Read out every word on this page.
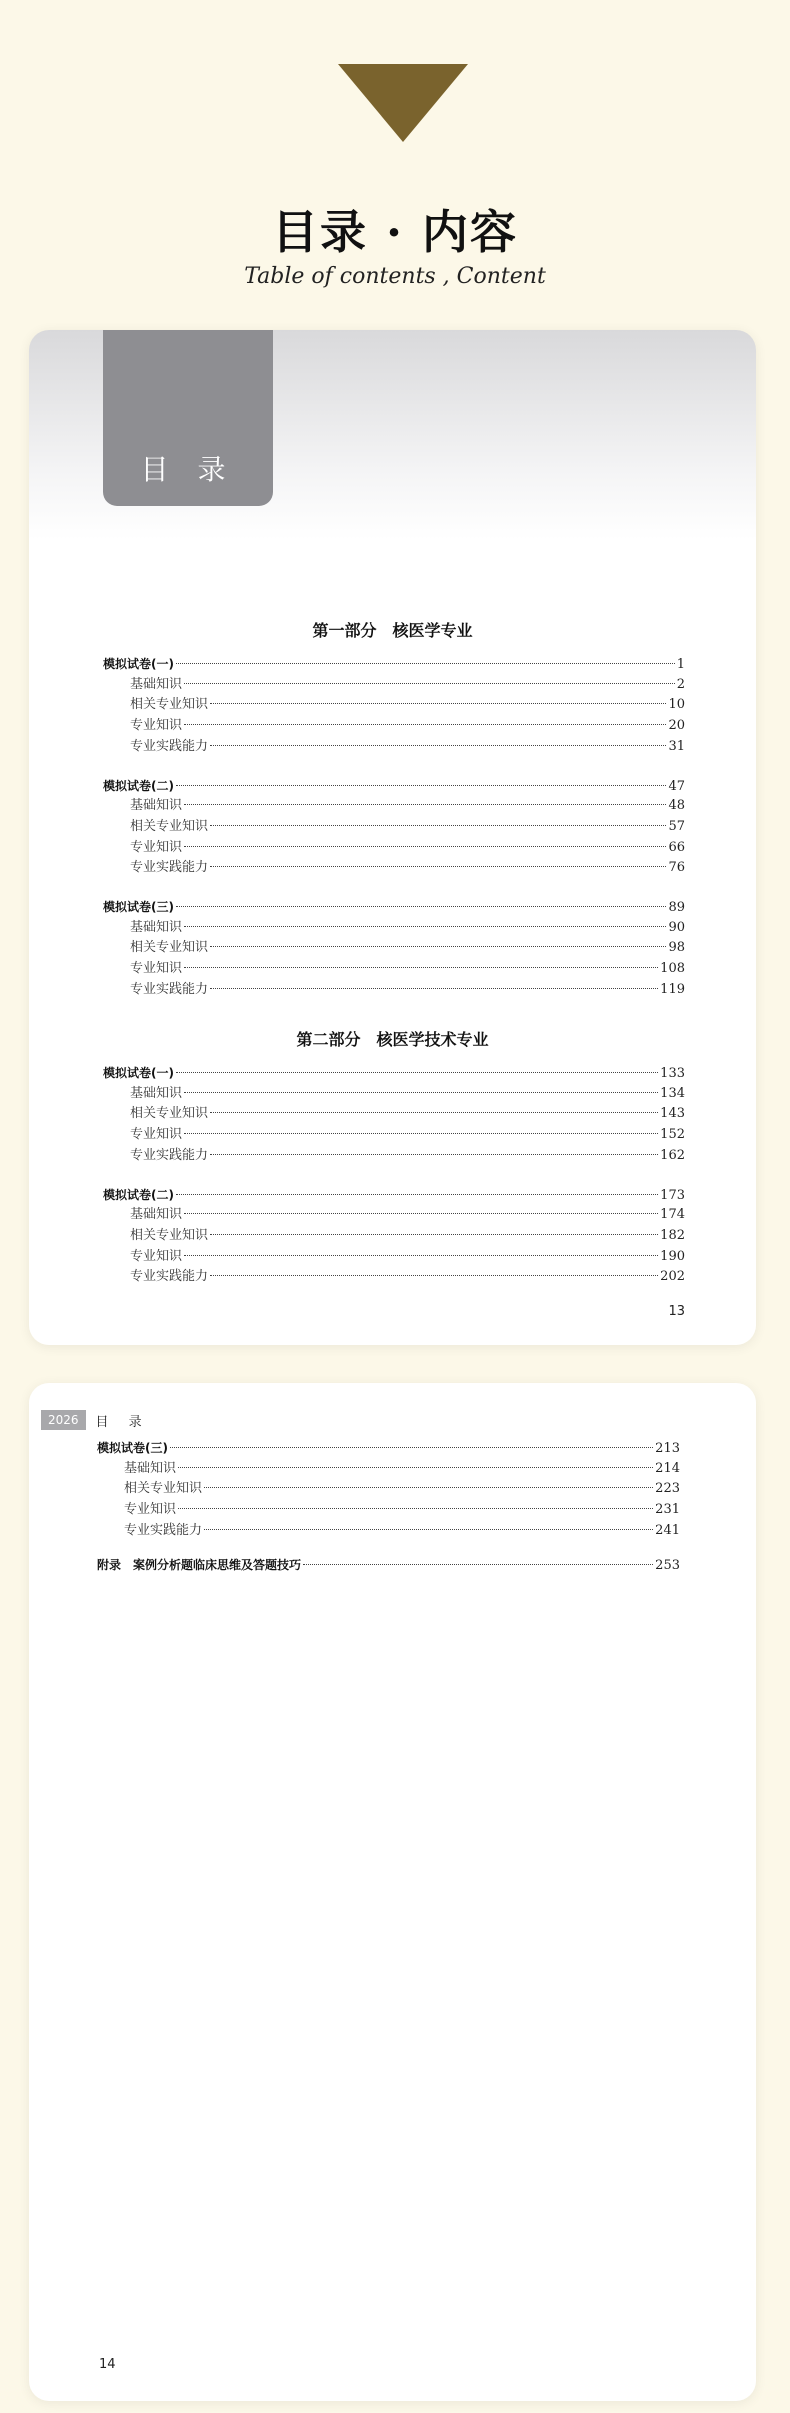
目录 · 内容
Table of contents , Content
目 录
13
第一部分　核医学专业
模拟试卷(一)	1
基础知识	2
相关专业知识	10
专业知识	20
专业实践能力	31
模拟试卷(二)	47
基础知识	48
相关专业知识	57
专业知识	66
专业实践能力	76
模拟试卷(三)	89
基础知识	90
相关专业知识	98
专业知识	108
专业实践能力	119
第二部分　核医学技术专业
模拟试卷(一)	133
基础知识	134
相关专业知识	143
专业知识	152
专业实践能力	162
模拟试卷(二)	173
基础知识	174
相关专业知识	182
专业知识	190
专业实践能力	202
2026	目 录
14
模拟试卷(三)	213
基础知识	214
相关专业知识	223
专业知识	231
专业实践能力	241
附录　案例分析题临床思维及答题技巧	253
